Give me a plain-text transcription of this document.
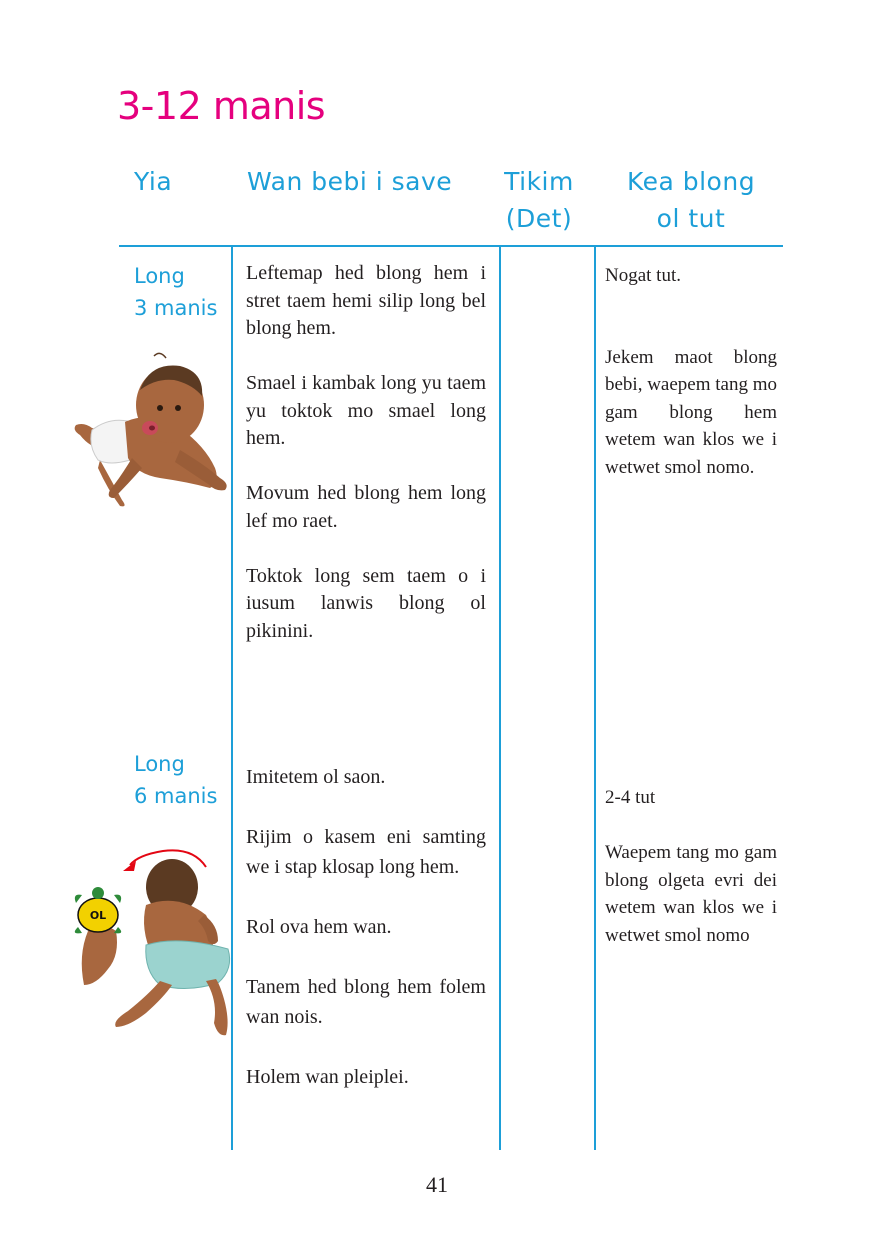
3-12 manis
Yia	Wan bebi i save Tikim
(Det)
Kea blong
ol tut
Long
3 manis

Leftemap hed blong hem i stret taem hemi silip long bel blong hem.

Smael i kambak long yu taem yu toktok mo smael long hem.

Movum hed blong hem long lef mo raet.

Toktok long sem taem o i iusum lanwis blong ol pikinini.

Nogat tut.

Jekem maot blong bebi, waepem tang mo gam blong hem wetem wan klos we i wetwet smol nomo.

Long
6 manis

Imitetem ol saon.

Rijim o kasem eni samting we i stap klosap long hem.

Rol ova hem wan.

Tanem hed blong hem folem wan nois.

Holem wan pleiplei.

2-4 tut

Waepem tang mo gam blong olgeta evri dei wetem wan klos we i wetwet smol nomo

OL
41
